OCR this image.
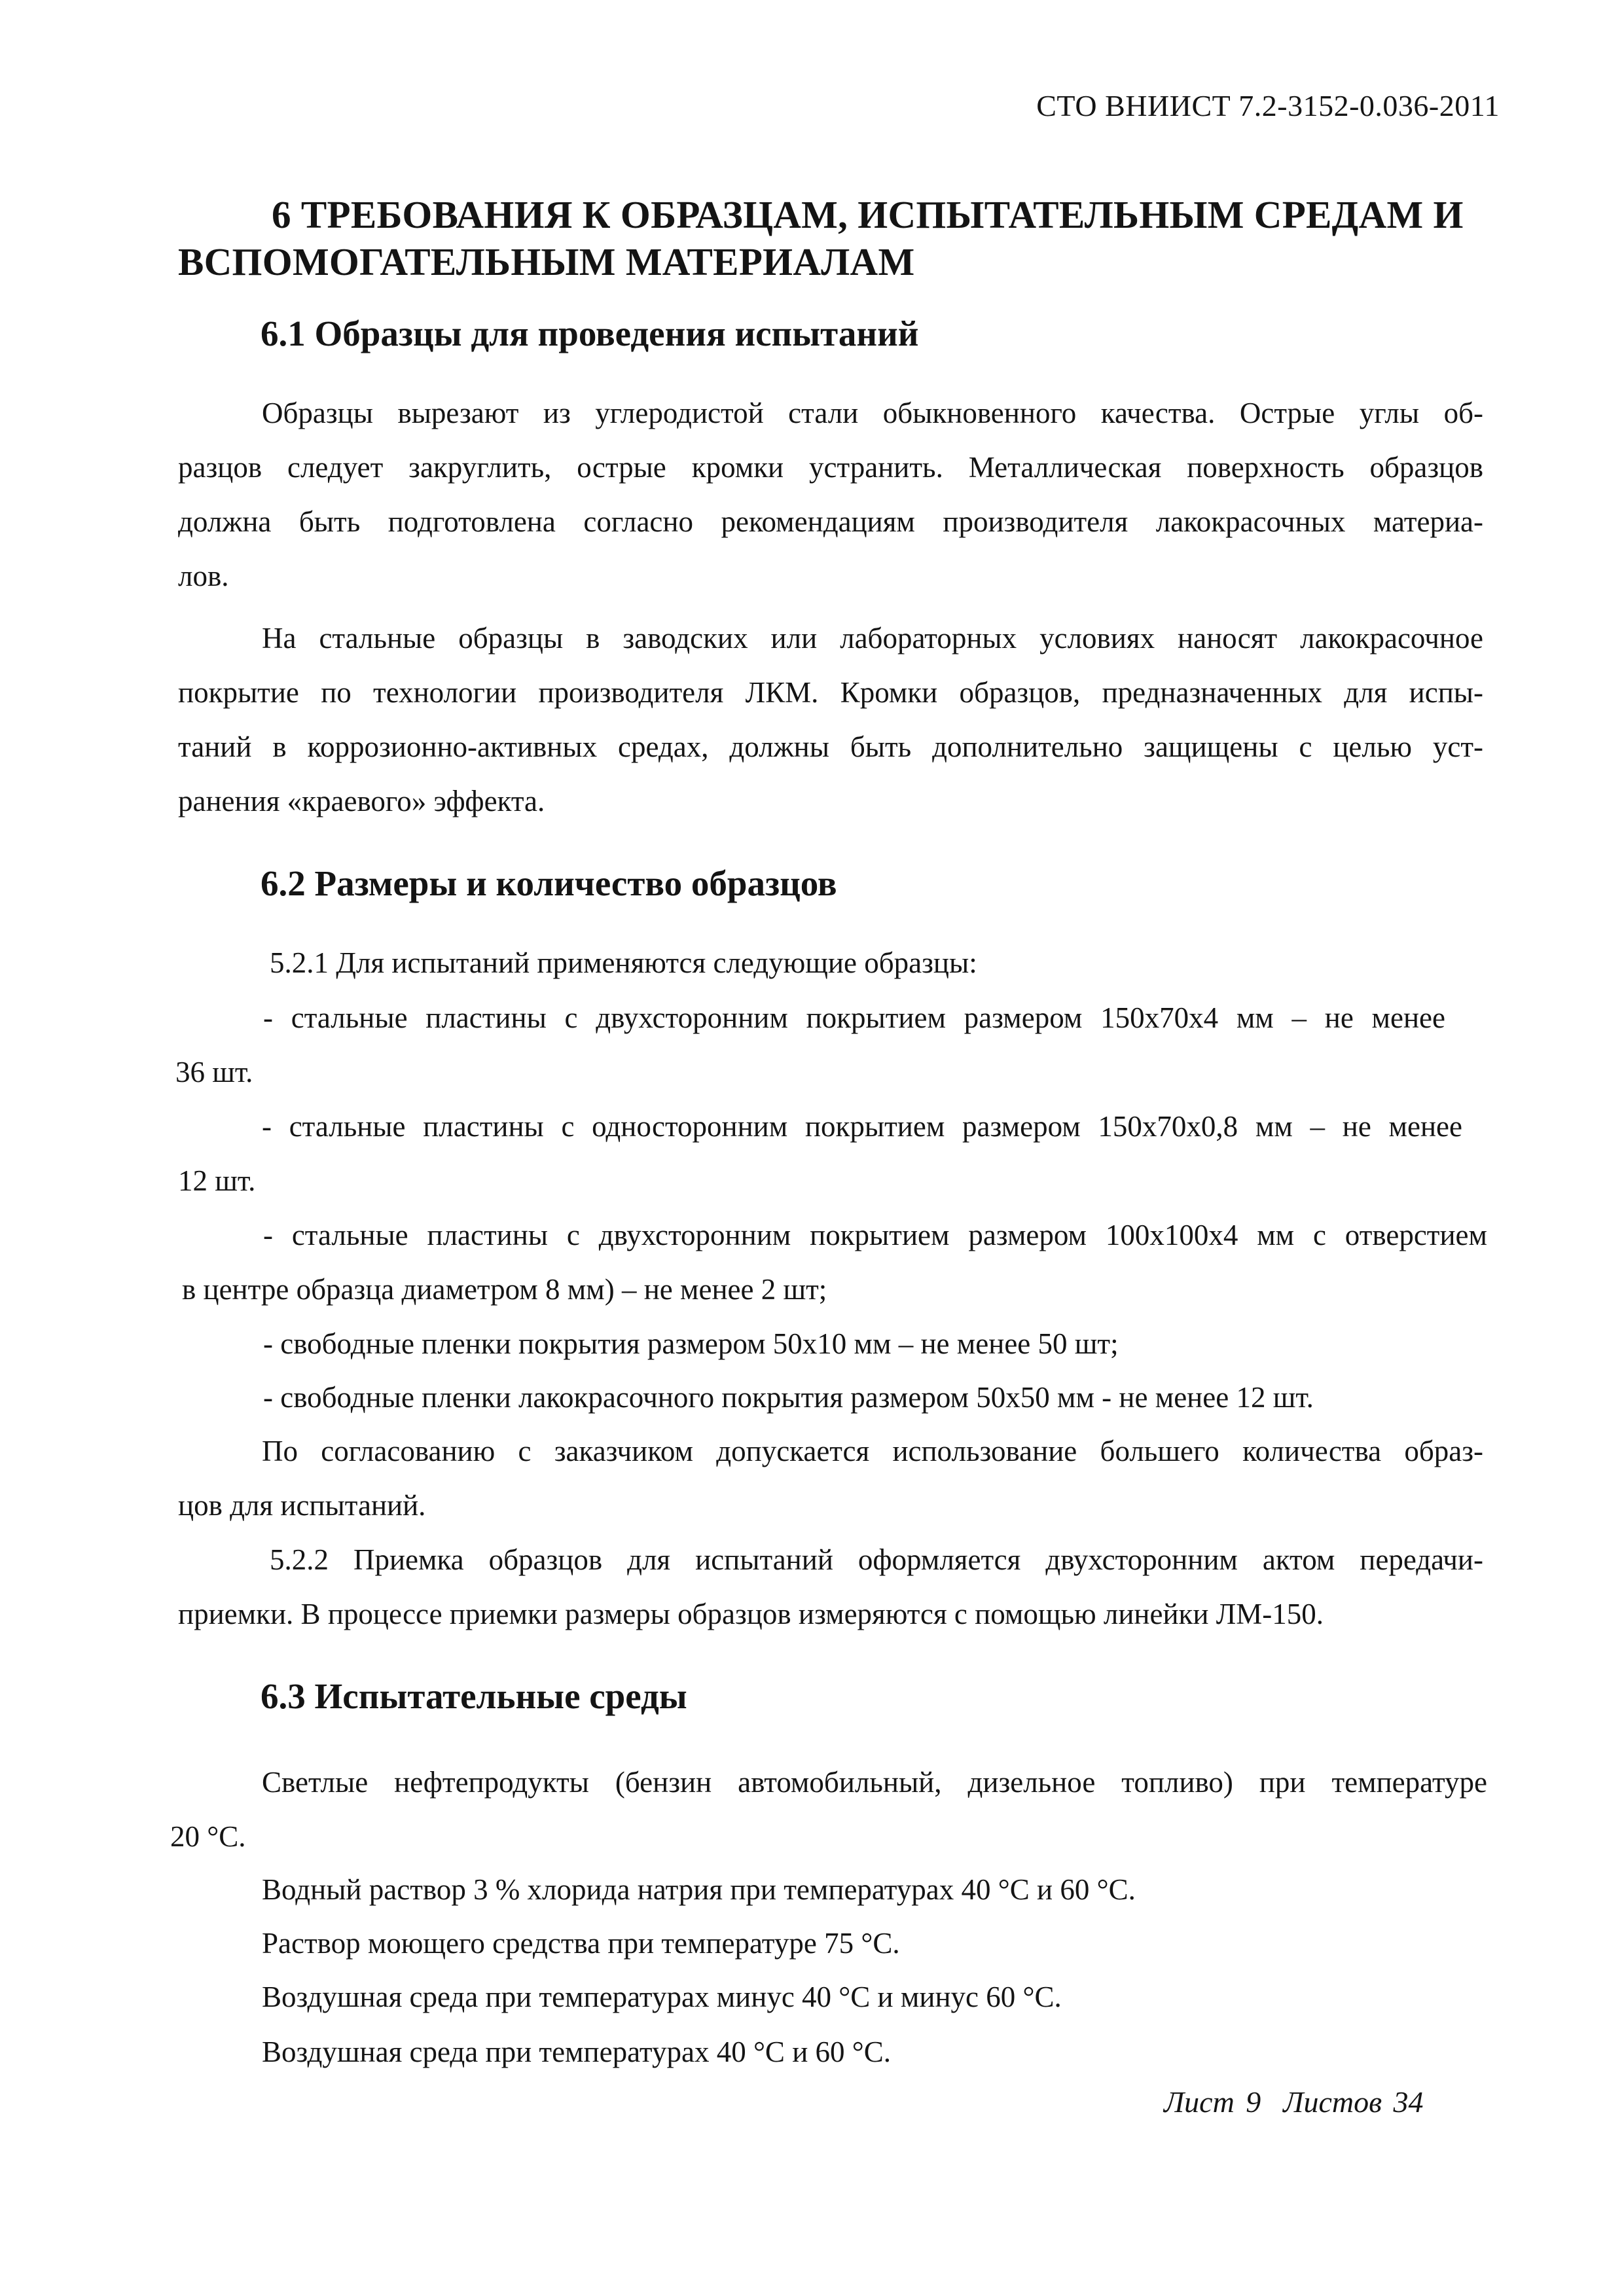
СТО ВНИИСТ 7.2-3152-0.036-2011
6 ТРЕБОВАНИЯ К ОБРАЗЦАМ, ИСПЫТАТЕЛЬНЫМ СРЕДАМ И
ВСПОМОГАТЕЛЬНЫМ МАТЕРИАЛАМ
6.1 Образцы для проведения испытаний
Образцы вырезают из углеродистой стали обыкновенного качества. Острые углы об-
разцов следует закруглить, острые кромки устранить. Металлическая поверхность образцов
должна быть подготовлена согласно рекомендациям производителя лакокрасочных материа-
лов.
На стальные образцы в заводских или лабораторных условиях наносят лакокрасочное
покрытие по технологии производителя ЛКМ. Кромки образцов, предназначенных для испы-
таний в коррозионно-активных средах, должны быть дополнительно защищены с целью уст-
ранения «краевого» эффекта.
6.2 Размеры и количество образцов
5.2.1 Для испытаний применяются следующие образцы:
- стальные пластины с двухсторонним покрытием размером 150х70х4 мм – не менее
36 шт.
- стальные пластины с односторонним покрытием размером 150х70х0,8 мм – не менее
12 шт.
- стальные пластины с двухсторонним покрытием размером 100х100х4 мм с отверстием
в центре образца диаметром 8 мм) – не менее 2 шт;
- свободные пленки покрытия размером 50х10 мм – не менее 50 шт;
- свободные пленки лакокрасочного покрытия размером 50х50 мм - не менее 12 шт.
По согласованию с заказчиком допускается использование большего количества образ-
цов для испытаний.
5.2.2 Приемка образцов для испытаний оформляется двухсторонним актом передачи-
приемки. В процессе приемки размеры образцов измеряются с помощью линейки ЛМ-150.
6.3 Испытательные среды
Светлые нефтепродукты (бензин автомобильный, дизельное топливо) при температуре
20 °С.
Водный раствор 3 % хлорида натрия при температурах 40 °С и 60 °С.
Раствор моющего средства при температуре 75 °С.
Воздушная среда при температурах минус 40 °С и минус 60 °С.
Воздушная среда при температурах 40 °С и 60 °С.
Лист 9 Листов 34
